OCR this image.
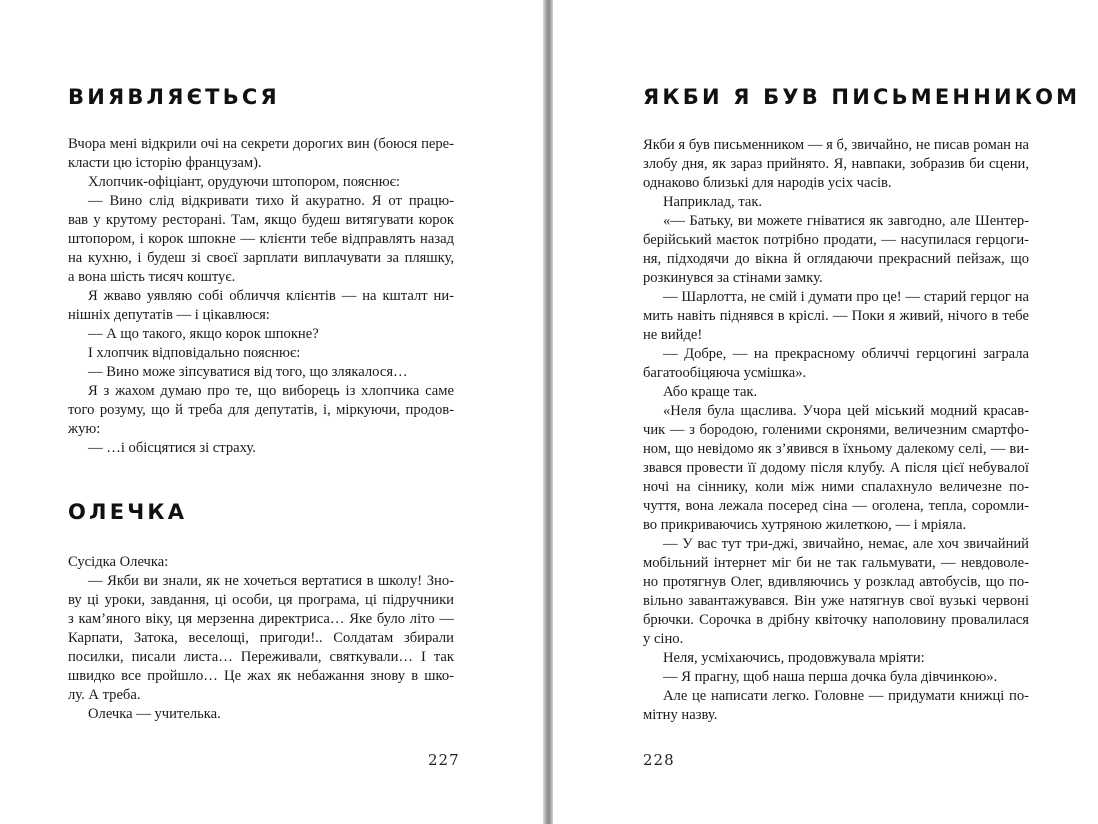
ВИЯВЛЯЄТЬСЯ
Вчора мені відкрили очі на секрети дорогих вин (боюся пере-
класти цю історію французам).
Хлопчик-офіціант, орудуючи штопором, пояснює:
— Вино слід відкривати тихо й акуратно. Я от працю-
вав у крутому ресторані. Там, якщо будеш витягувати корок
штопором, і корок шпокне — клієнти тебе відправлять назад
на кухню, і будеш зі своєї зарплати виплачувати за пляшку,
а вона шість тисяч коштує.
Я жваво уявляю собі обличчя клієнтів — на кшталт ни-
нішніх депутатів — і цікавлюся:
— А що такого, якщо корок шпокне?
І хлопчик відповідально пояснює:
— Вино може зіпсуватися від того, що злякалося…
Я з жахом думаю про те, що виборець із хлопчика саме
того розуму, що й треба для депутатів, і, міркуючи, продов-
жую:
— …і обісцятися зі страху.
ОЛЕЧКА
Сусідка Олечка:
— Якби ви знали, як не хочеться вертатися в школу! Зно-
ву ці уроки, завдання, ці особи, ця програма, ці підручники
з кам’яного віку, ця мерзенна директриса… Яке було літо —
Карпати, Затока, веселощі, пригоди!.. Солдатам збирали
посилки, писали листа… Переживали, святкували… І так
швидко все пройшло… Це жах як небажання знову в шко-
лу. А треба.
Олечка — учителька.
227
ЯКБИ Я БУВ ПИСЬМЕННИКОМ
Якби я був письменником — я б, звичайно, не писав роман на
злобу дня, як зараз прийнято. Я, навпаки, зобразив би сцени,
однаково близькі для народів усіх часів.
Наприклад, так.
«— Батьку, ви можете гніватися як завгодно, але Шентер-
берійський маєток потрібно продати, — насупилася герцоги-
ня, підходячи до вікна й оглядаючи прекрасний пейзаж, що
розкинувся за стінами замку.
— Шарлотта, не смій і думати про це! — старий герцог на
мить навіть піднявся в кріслі. — Поки я живий, нічого в тебе
не вийде!
— Добре, — на прекрасному обличчі герцогині заграла
багатообіцяюча усмішка».
Або краще так.
«Неля була щаслива. Учора цей міський модний красав-
чик — з бородою, голеними скронями, величезним смартфо-
ном, що невідомо як з’явився в їхньому далекому селі, — ви-
звався провести її додому після клубу. А після цієї небувалої
ночі на сіннику, коли між ними спалахнуло величезне по-
чуття, вона лежала посеред сіна — оголена, тепла, соромли-
во прикриваючись хутряною жилеткою, — і мріяла.
— У вас тут три-джі, звичайно, немає, але хоч звичайний
мобільний інтернет міг би не так гальмувати, — невдоволе-
но протягнув Олег, вдивляючись у розклад автобусів, що по-
вільно завантажувався. Він уже натягнув свої вузькі червоні
брючки. Сорочка в дрібну квіточку наполовину провалилася
у сіно.
Неля, усміхаючись, продовжувала мріяти:
— Я прагну, щоб наша перша дочка була дівчинкою».
Але це написати легко. Головне — придумати книжці по-
мітну назву.
228
